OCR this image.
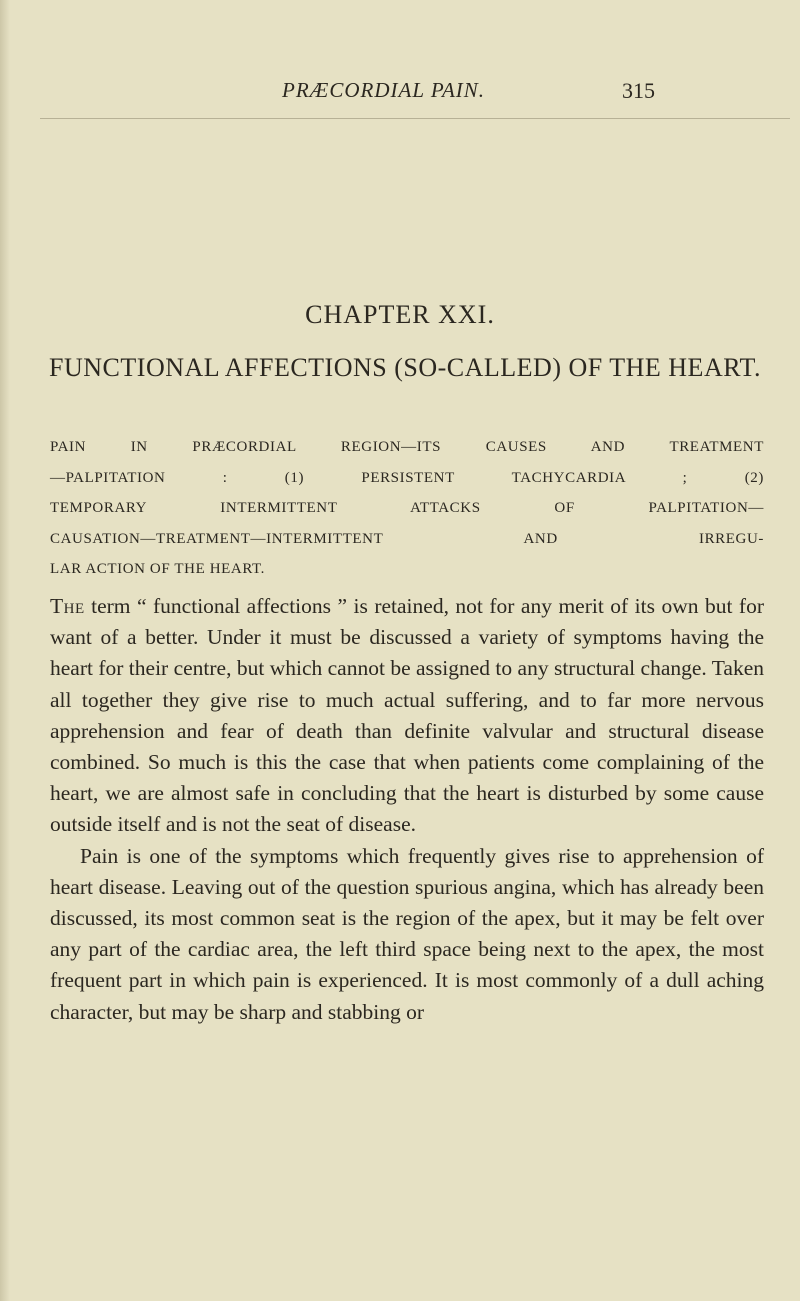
PRÆCORDIAL PAIN.	315
CHAPTER XXI.
FUNCTIONAL AFFECTIONS (SO-CALLED) OF THE HEART.
PAIN IN PRÆCORDIAL REGION—ITS CAUSES AND TREATMENT
—PALPITATION : (1) PERSISTENT TACHYCARDIA ; (2)
TEMPORARY INTERMITTENT ATTACKS OF PALPITATION—
CAUSATION—TREATMENT—INTERMITTENT AND IRREGU-
LAR ACTION OF THE HEART.

The term “ functional affections ” is retained, not for any merit of its own but for want of a better. Under it must be discussed a variety of symptoms having the heart for their centre, but which cannot be assigned to any structural change. Taken all together they give rise to much actual suffering, and to far more nervous apprehension and fear of death than definite valvular and structural disease combined. So much is this the case that when patients come complaining of the heart, we are almost safe in concluding that the heart is disturbed by some cause outside itself and is not the seat of disease.

Pain is one of the symptoms which frequently gives rise to apprehension of heart disease. Leaving out of the question spurious angina, which has already been discussed, its most common seat is the region of the apex, but it may be felt over any part of the cardiac area, the left third space being next to the apex, the most frequent part in which pain is experienced. It is most commonly of a dull aching character, but may be sharp and stabbing or
